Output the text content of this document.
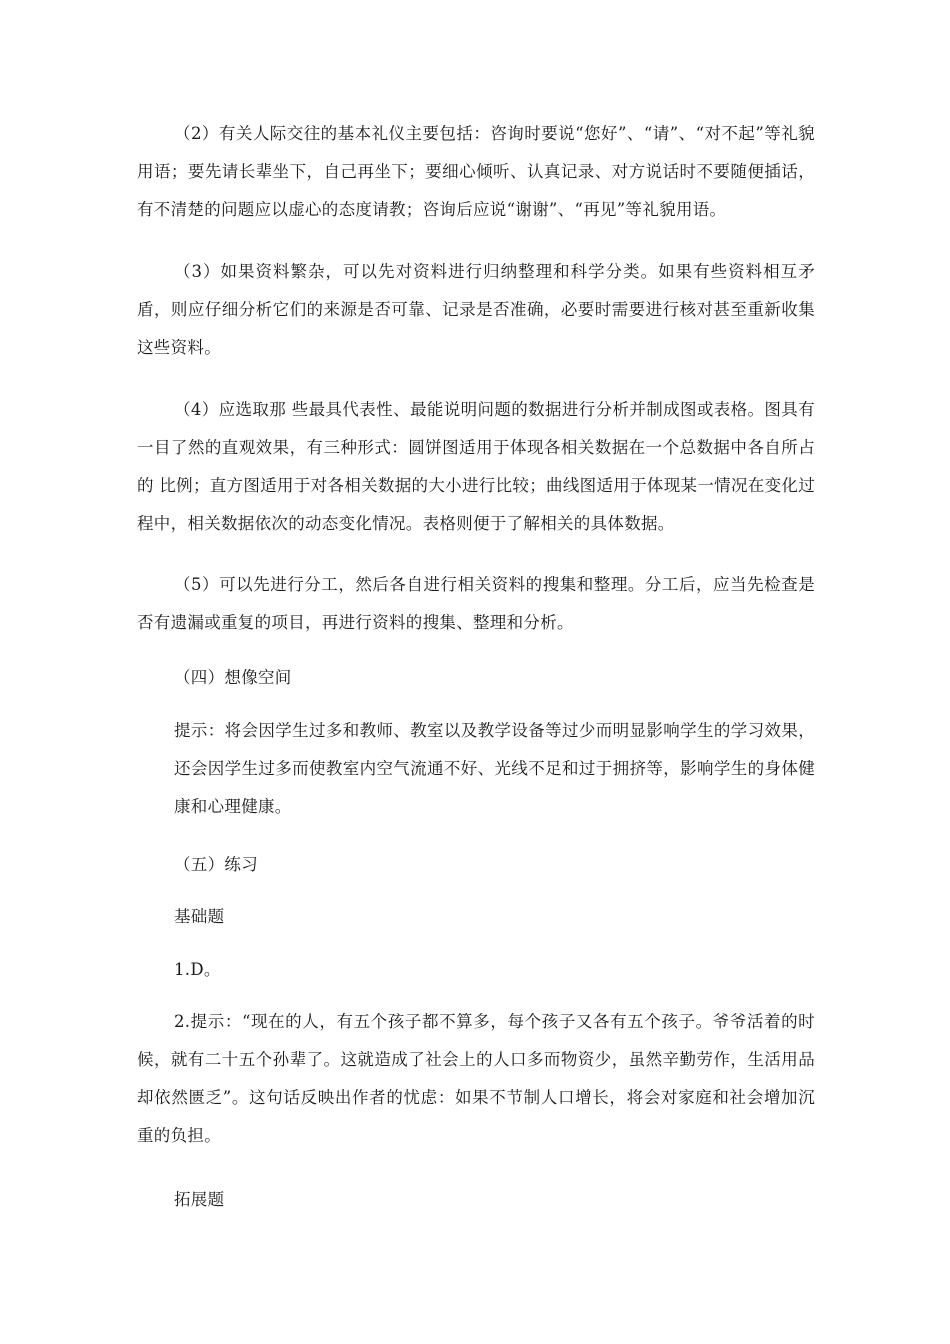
（2）有关人际交往的基本礼仪主要包括：咨询时要说“您好”、“请”、“对不起”等礼貌用语；要先请长辈坐下，自己再坐下；要细心倾听、认真记录、对方说话时不要随便插话，有不清楚的问题应以虚心的态度请教；咨询后应说“谢谢”、“再见”等礼貌用语。

（3）如果资料繁杂，可以先对资料进行归纳整理和科学分类。如果有些资料相互矛盾，则应仔细分析它们的来源是否可靠、记录是否准确，必要时需要进行核对甚至重新收集这些资料。

（4）应选取那 些最具代表性、最能说明问题的数据进行分析并制成图或表格。图具有一目了然的直观效果，有三种形式：圆饼图适用于体现各相关数据在一个总数据中各自所占的 比例；直方图适用于对各相关数据的大小进行比较；曲线图适用于体现某一情况在变化过程中，相关数据依次的动态变化情况。表格则便于了解相关的具体数据。

（5）可以先进行分工，然后各自进行相关资料的搜集和整理。分工后，应当先检查是否有遗漏或重复的项目，再进行资料的搜集、整理和分析。

（四）想像空间

提示：将会因学生过多和教师、教室以及教学设备等过少而明显影响学生的学习效果，还会因学生过多而使教室内空气流通不好、光线不足和过于拥挤等，影响学生的身体健康和心理健康。

（五）练习

基础题

1.D。

2.提示：“现在的人，有五个孩子都不算多，每个孩子又各有五个孩子。爷爷活着的时候，就有二十五个孙辈了。这就造成了社会上的人口多而物资少，虽然辛勤劳作，生活用品却依然匮乏”。这句话反映出作者的忧虑：如果不节制人口增长，将会对家庭和社会增加沉重的负担。

拓展题
